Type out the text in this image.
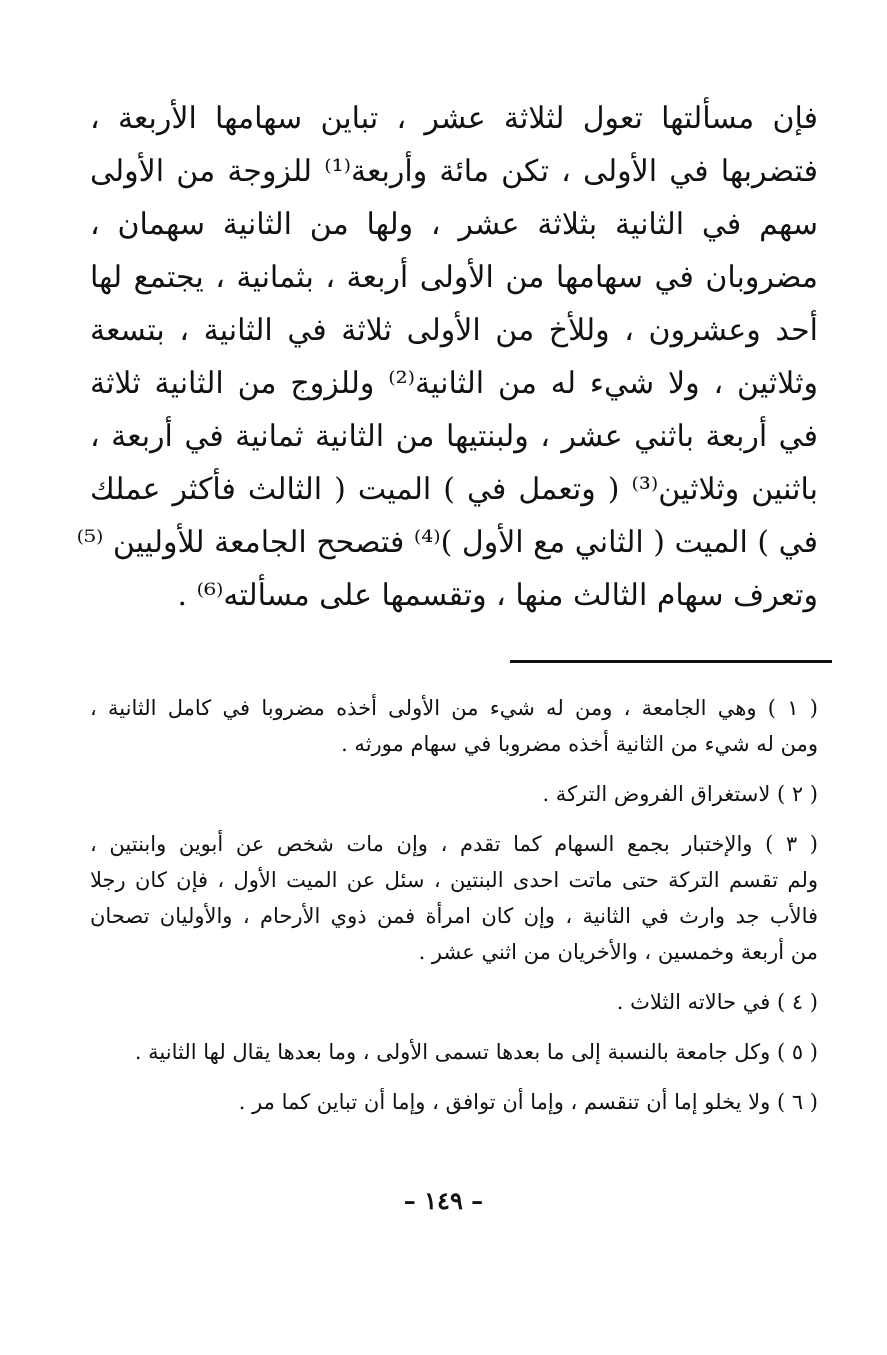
فإن مسألتها تعول لثلاثة عشر ، تباين سهامها الأربعة ،
فتضربها في الأولى ، تكن مائة وأربعة⁽¹⁾ للزوجة من الأولى
سهم في الثانية بثلاثة عشر ، ولها من الثانية سهمان ،
مضروبان في سهامها من الأولى أربعة ، بثمانية ، يجتمع لها
أحد وعشرون ، وللأخ من الأولى ثلاثة في الثانية ، بتسعة
وثلاثين ، ولا شيء له من الثانية⁽²⁾ وللزوج من الثانية ثلاثة
في أربعة باثني عشر ، ولبنتيها من الثانية ثمانية في أربعة ،
باثنين وثلاثين⁽³⁾ ( وتعمل في ) الميت ( الثالث فأكثر عملك
في ) الميت ( الثاني مع الأول )⁽⁴⁾ فتصحح الجامعة للأوليين ⁽⁵⁾
وتعرف سهام الثالث منها ، وتقسمها على مسألته⁽⁶⁾ .
( ١ ) وهي الجامعة ، ومن له شيء من الأولى أخذه مضروبا في كامل الثانية ،
ومن له شيء من الثانية أخذه مضروبا في سهام مورثه .
( ٢ ) لاستغراق الفروض التركة .
( ٣ ) والإختبار بجمع السهام كما تقدم ، وإن مات شخص عن أبوين وابنتين ،
ولم تقسم التركة حتى ماتت احدى البنتين ، سئل عن الميت الأول ، فإن كان رجلا
فالأب جد وارث في الثانية ، وإن كان امرأة فمن ذوي الأرحام ، والأوليان تصحان
من أربعة وخمسين ، والأخريان من اثني عشر .
( ٤ ) في حالاته الثلاث .
( ٥ ) وكل جامعة بالنسبة إلى ما بعدها تسمى الأولى ، وما بعدها يقال لها الثانية .
( ٦ ) ولا يخلو إما أن تنقسم ، وإما أن توافق ، وإما أن تباين كما مر .
– ١٤٩ –
